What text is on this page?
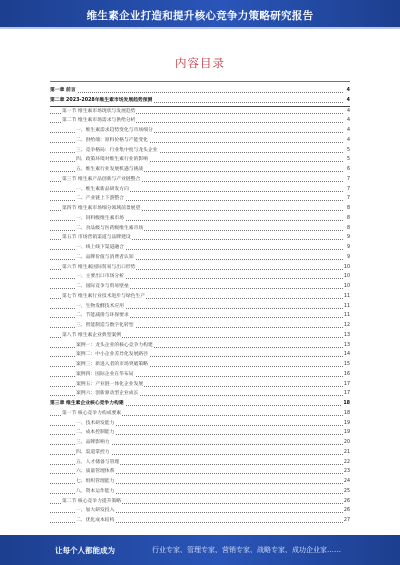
维生素企业打造和提升核心竞争力策略研究报告
内容目录
第一章 前言	4
第二章 2023-2028年维生素市场发展趋势预测	4
第一节 维生素市场现状与发展趋势	4
第二节 维生素市场需求与供给分析	4
一、维生素需求趋势变化与市场细分	4
二、供给端：原料价格与产能变化	4
三、竞争格局：行业集中度与龙头企业	5
四、政策环境对维生素行业的影响	5
五、维生素行业发展机遇与挑战	6
第三节 维生素产品创新与产业链整合	7
一、维生素新品研发方向	7
二、产业链上下游整合	7
第四节 维生素市场细分领域前景展望	8
一、饲料级维生素市场	8
二、食品级与医药级维生素市场	8
第五节 市场营销渠道与品牌建设	9
一、线上线下渠道融合	9
二、品牌价值与消费者认知	9
第六节 维生素国际贸易与出口形势	10
一、主要出口市场分析	10
二、国际竞争与贸易壁垒	10
第七节 维生素行业技术进步与绿色生产	11
一、生物发酵技术应用	11
二、节能减排与环保要求	11
三、智能制造与数字化转型	12
第八节 维生素企业典型案例	13
案例一：龙头企业的核心竞争力构建	13
案例二：中小企业差异化发展路径	14
案例三：新进入者的市场突破策略	15
案例四：国际企业在华布局	16
案例五：产业链一体化企业发展	17
案例六：创新驱动型企业成长	17
第三章 维生素企业核心竞争力构建	18
第一节 核心竞争力构成要素	18
一、技术研发能力	19
二、成本控制能力	19
三、品牌影响力	20
四、渠道掌控力	21
五、人才储备与管理	22
六、质量管理体系	23
七、组织管理能力	24
八、资本运作能力	25
第二节 核心竞争力提升策略	26
一、加大研发投入	26
二、优化成本结构	27
让每个人都能成为	行业专家、管理专家、营销专家、战略专家、成功企业家……
